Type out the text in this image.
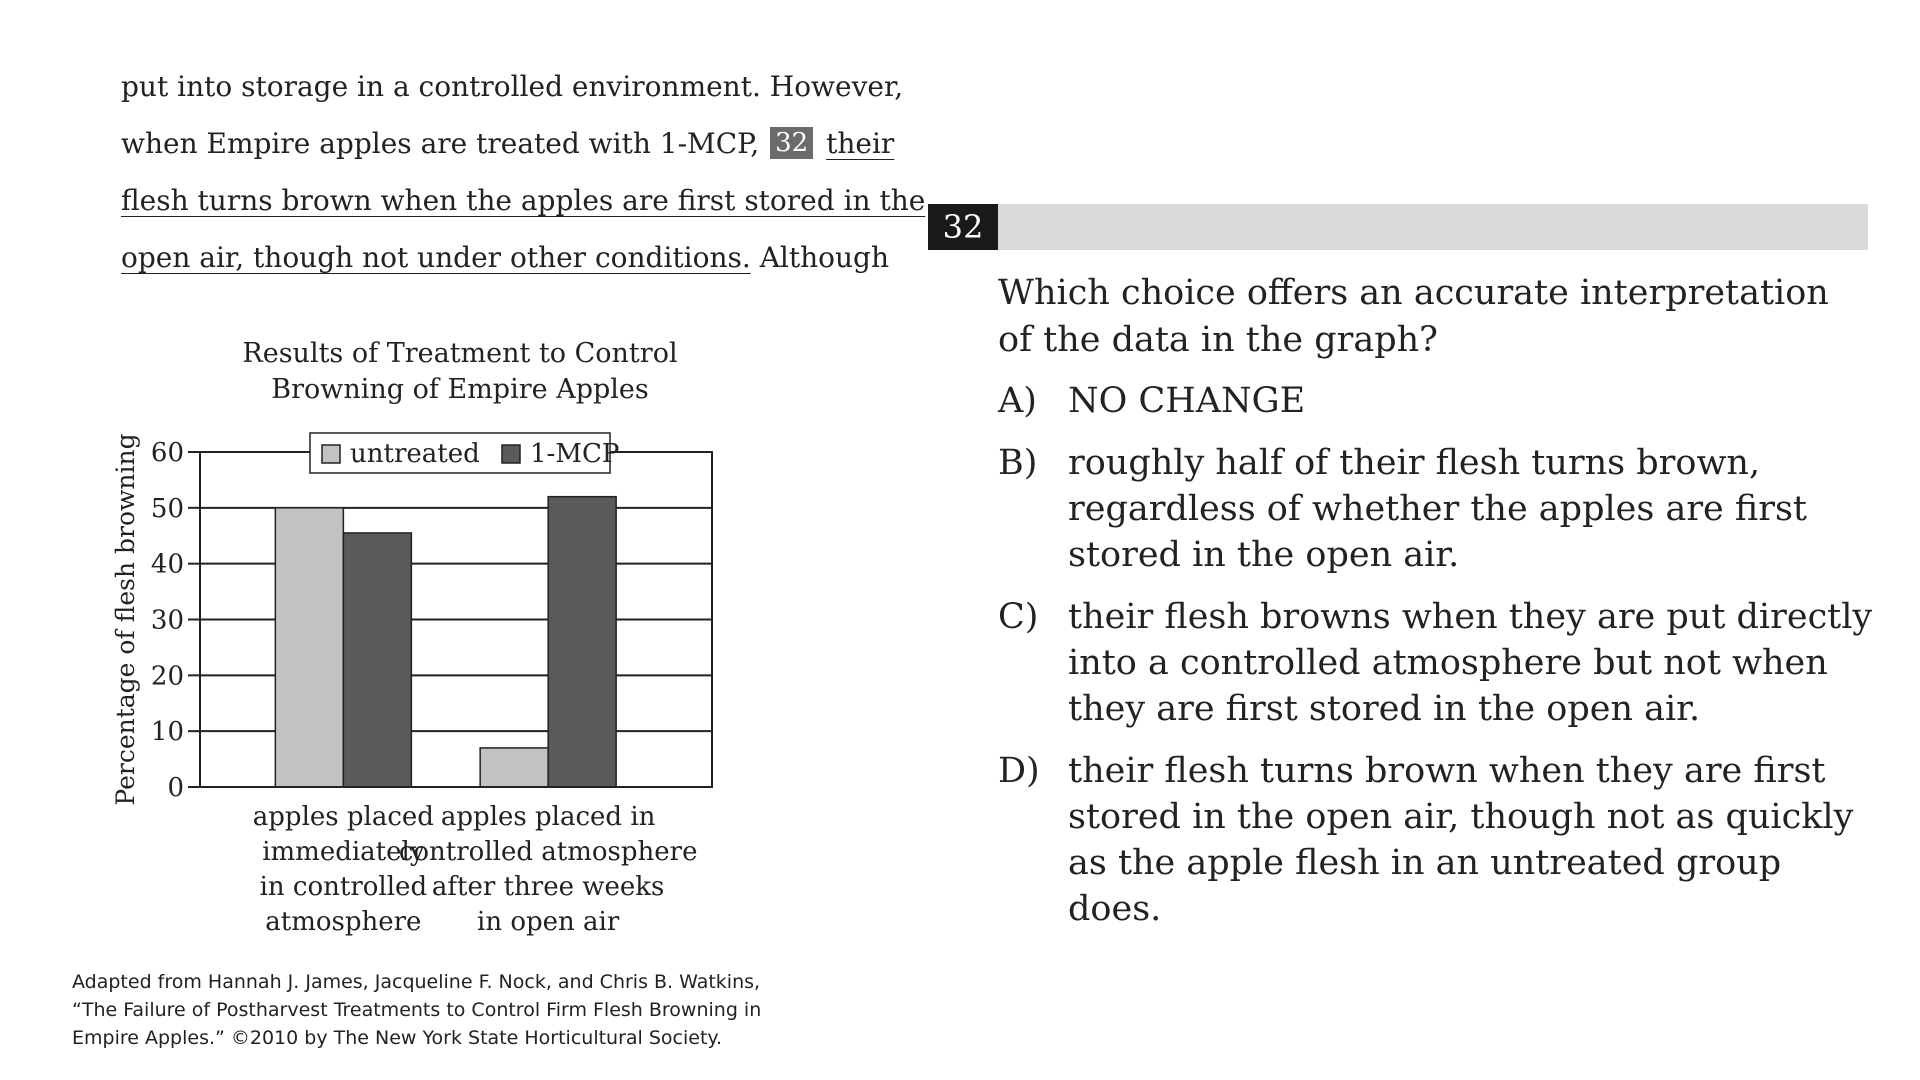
put into storage in a controlled environment. However,
when Empire apples are treated with 1-MCP, 32 their
flesh turns brown when the apples are first stored in the
open air, though not under other conditions. Although
Results of Treatment to Control
Browning of Empire Apples
0
10
20
30
40
50
60
Percentage of flesh browning	untreated 1-MCP
apples placed
immediately
in controlled
atmosphere
apples placed in
controlled atmosphere
after three weeks
in open air
Adapted from Hannah J. James, Jacqueline F. Nock, and Chris B. Watkins,
“The Failure of Postharvest Treatments to Control Firm Flesh Browning in
Empire Apples.” ©2010 by The New York State Horticultural Society.
32
Which choice offers an accurate interpretation of the data in the graph?
A) NO CHANGE
B) roughly half of their flesh turns brown, regardless of whether the apples are first stored in the open air.
C) their flesh browns when they are put directly into a controlled atmosphere but not when they are first stored in the open air.
D) their flesh turns brown when they are first stored in the open air, though not as quickly as the apple flesh in an untreated group does.
